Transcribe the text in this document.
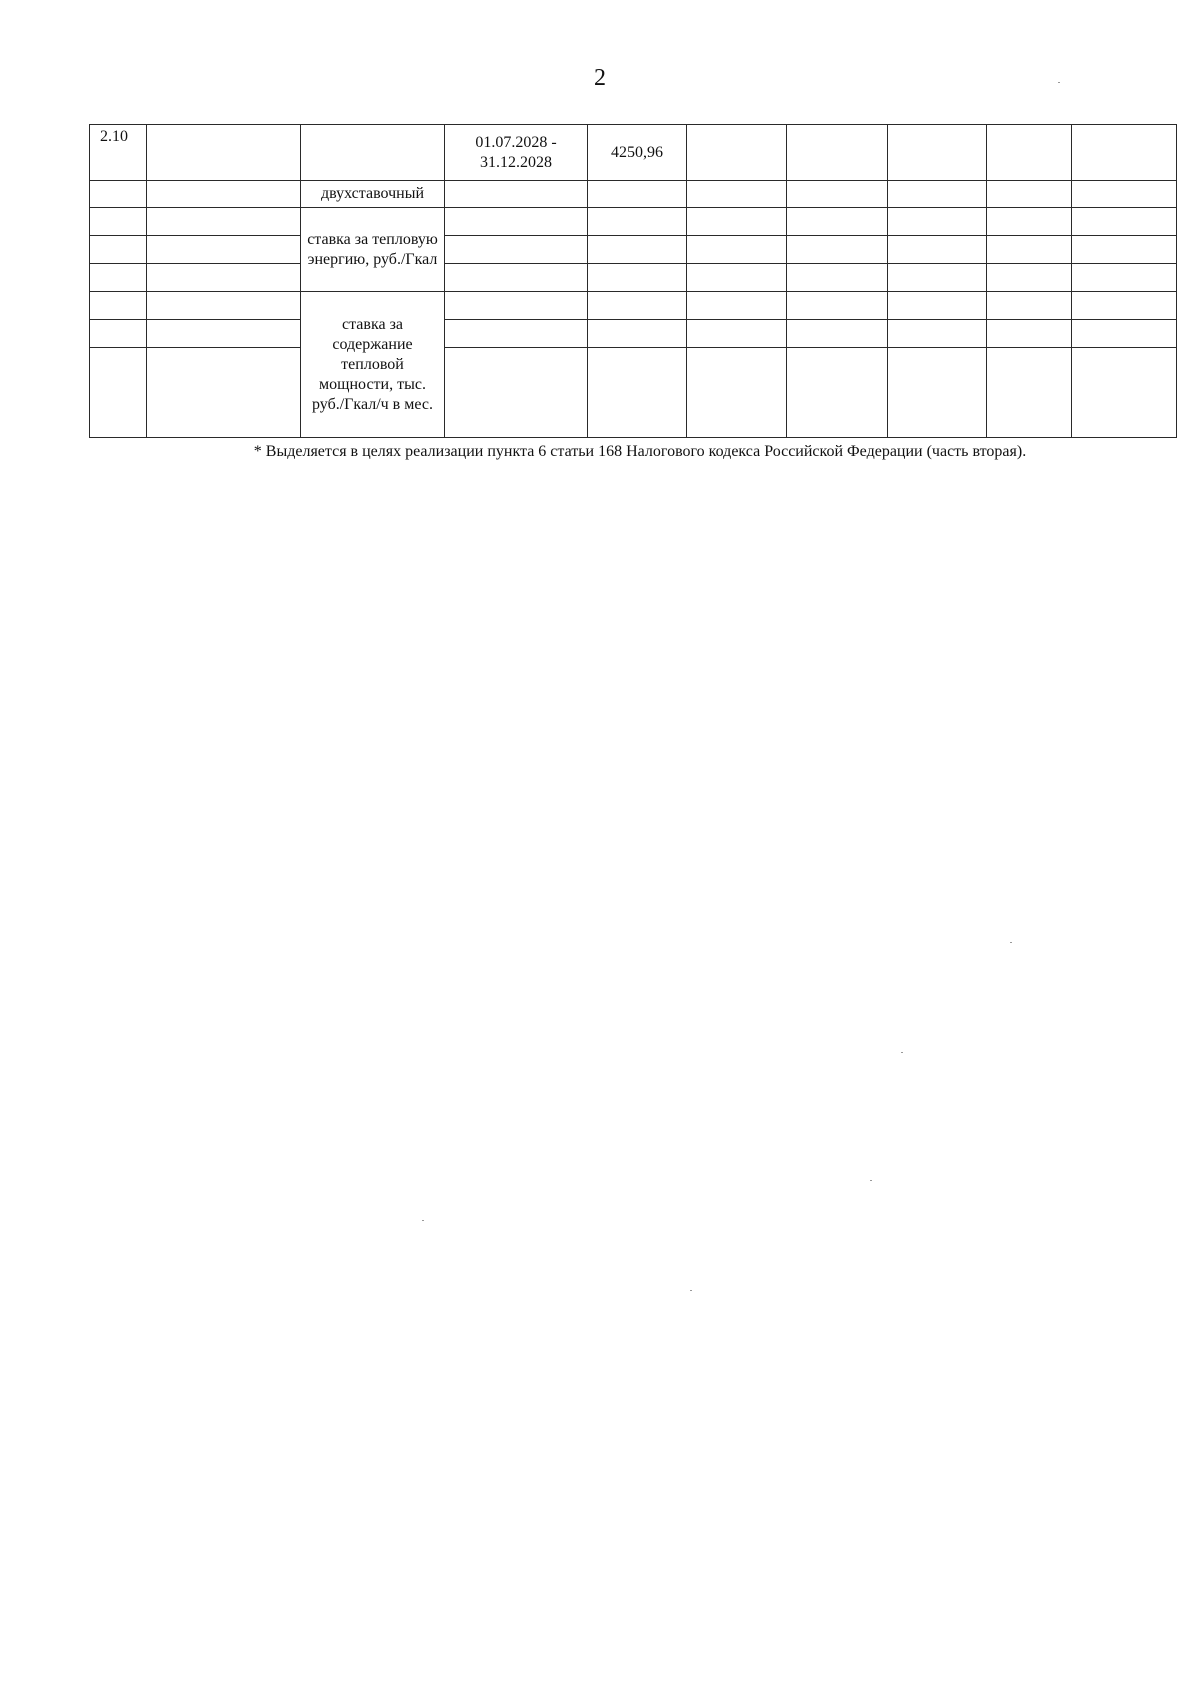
2
2.10			01.07.2028 - 31.12.2028	4250,96					
		двухставочный							
		ставка за тепловую энергию, руб./Гкал							

		ставка за содержание тепловой мощности, тыс. руб./Гкал/ч в мес.							

* Выделяется в целях реализации пункта 6 статьи 168 Налогового кодекса Российской Федерации (часть вторая).
